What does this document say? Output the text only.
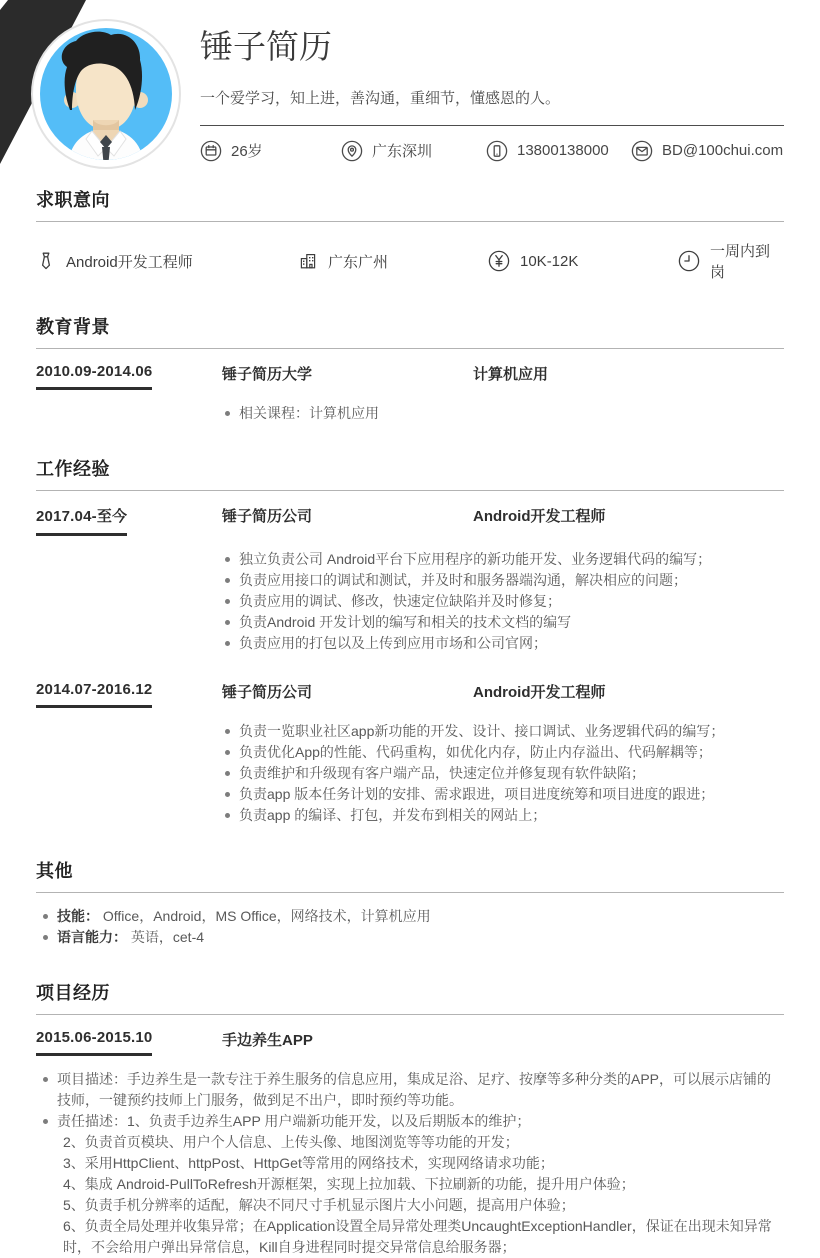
锤子简历
一个爱学习，知上进，善沟通，重细节，懂感恩的人。
26岁	广东深圳	13800138000	BD@100chui.com
求职意向
Android开发工程师	广东广州	10K-12K
一周内到岗
教育背景
2010.09-2014.06	锤子简历大学	计算机应用
相关课程：计算机应用
工作经验
2017.04-至今	锤子简历公司	Android开发工程师
独立负责公司 Android平台下应用程序的新功能开发、业务逻辑代码的编写；
负责应用接口的调试和测试，并及时和服务器端沟通，解决相应的问题；
负责应用的调试、修改，快速定位缺陷并及时修复；
负责Android 开发计划的编写和相关的技术文档的编写
负责应用的打包以及上传到应用市场和公司官网；
2014.07-2016.12	锤子简历公司	Android开发工程师
负责一览职业社区app新功能的开发、设计、接口调试、业务逻辑代码的编写；
负责优化App的性能、代码重构，如优化内存，防止内存溢出、代码解耦等；
负责维护和升级现有客户端产品，快速定位并修复现有软件缺陷；
负责app 版本任务计划的安排、需求跟进，项目进度统筹和项目进度的跟进；
负责app 的编译、打包，并发布到相关的网站上；
其他
技能： Office，Android，MS Office，网络技术，计算机应用
语言能力： 英语，cet-4
项目经历
2015.06-2015.10	手边养生APP
项目描述：手边养生是一款专注于养生服务的信息应用，集成足浴、足疗、按摩等多种分类的APP，可以展示店铺的技师，一键预约技师上门服务，做到足不出户，即时预约等功能。
责任描述：1、负责手边养生APP 用户端新功能开发，以及后期版本的维护；
2、负责首页模块、用户个人信息、上传头像、地图浏览等等功能的开发；
3、采用HttpClient、httpPost、HttpGet等常用的网络技术，实现网络请求功能；
4、集成 Android-PullToRefresh开源框架，实现上拉加载、下拉刷新的功能，提升用户体验；
5、负责手机分辨率的适配，解决不同尺寸手机显示图片大小问题，提高用户体验；
6、负责全局处理并收集异常；在Application设置全局异常处理类UncaughtExceptionHandler，保证在出现未知异常时，不会给用户弹出异常信息，Kill自身进程同时提交异常信息给服务器；
